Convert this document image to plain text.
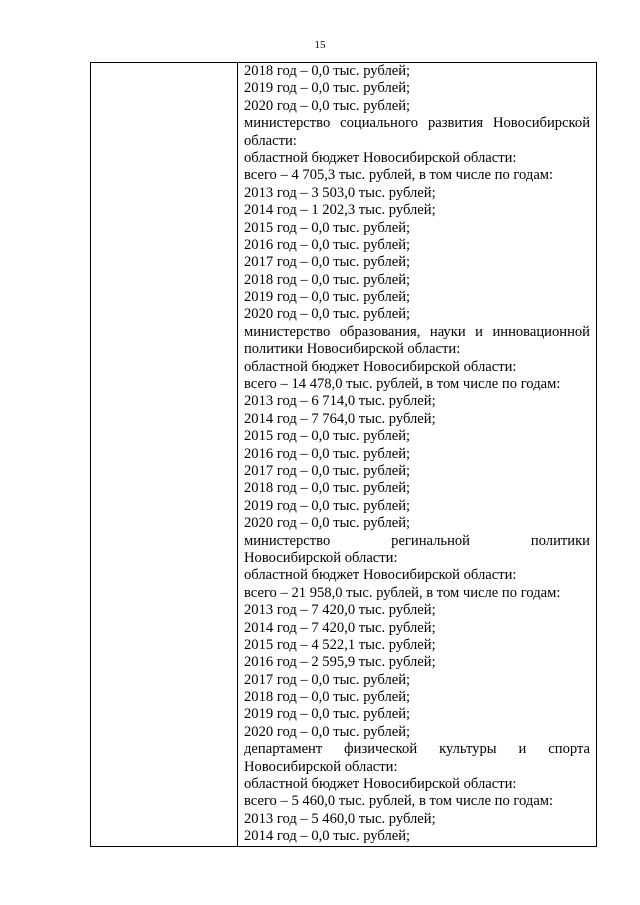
15

2018 год – 0,0 тыс. рублей;
2019 год – 0,0 тыс. рублей;
2020 год – 0,0 тыс. рублей;
министерство социального развития Новосибирской
области:
областной бюджет Новосибирской области:
всего – 4 705,3 тыс. рублей, в том числе по годам:
2013 год – 3 503,0 тыс. рублей;
2014 год – 1 202,3 тыс. рублей;
2015 год – 0,0 тыс. рублей;
2016 год – 0,0 тыс. рублей;
2017 год – 0,0 тыс. рублей;
2018 год – 0,0 тыс. рублей;
2019 год – 0,0 тыс. рублей;
2020 год – 0,0 тыс. рублей;
министерство образования, науки и инновационной
политики Новосибирской области:
областной бюджет Новосибирской области:
всего – 14 478,0 тыс. рублей, в том числе по годам:
2013 год – 6 714,0 тыс. рублей;
2014 год – 7 764,0 тыс. рублей;
2015 год – 0,0 тыс. рублей;
2016 год – 0,0 тыс. рублей;
2017 год – 0,0 тыс. рублей;
2018 год – 0,0 тыс. рублей;
2019 год – 0,0 тыс. рублей;
2020 год – 0,0 тыс. рублей;
министерство регинальной политики
Новосибирской области:
областной бюджет Новосибирской области:
всего – 21 958,0 тыс. рублей, в том числе по годам:
2013 год – 7 420,0 тыс. рублей;
2014 год – 7 420,0 тыс. рублей;
2015 год – 4 522,1 тыс. рублей;
2016 год – 2 595,9 тыс. рублей;
2017 год – 0,0 тыс. рублей;
2018 год – 0,0 тыс. рублей;
2019 год – 0,0 тыс. рублей;
2020 год – 0,0 тыс. рублей;
департамент физической культуры и спорта
Новосибирской области:
областной бюджет Новосибирской области:
всего – 5 460,0 тыс. рублей, в том числе по годам:
2013 год – 5 460,0 тыс. рублей;
2014 год – 0,0 тыс. рублей;
